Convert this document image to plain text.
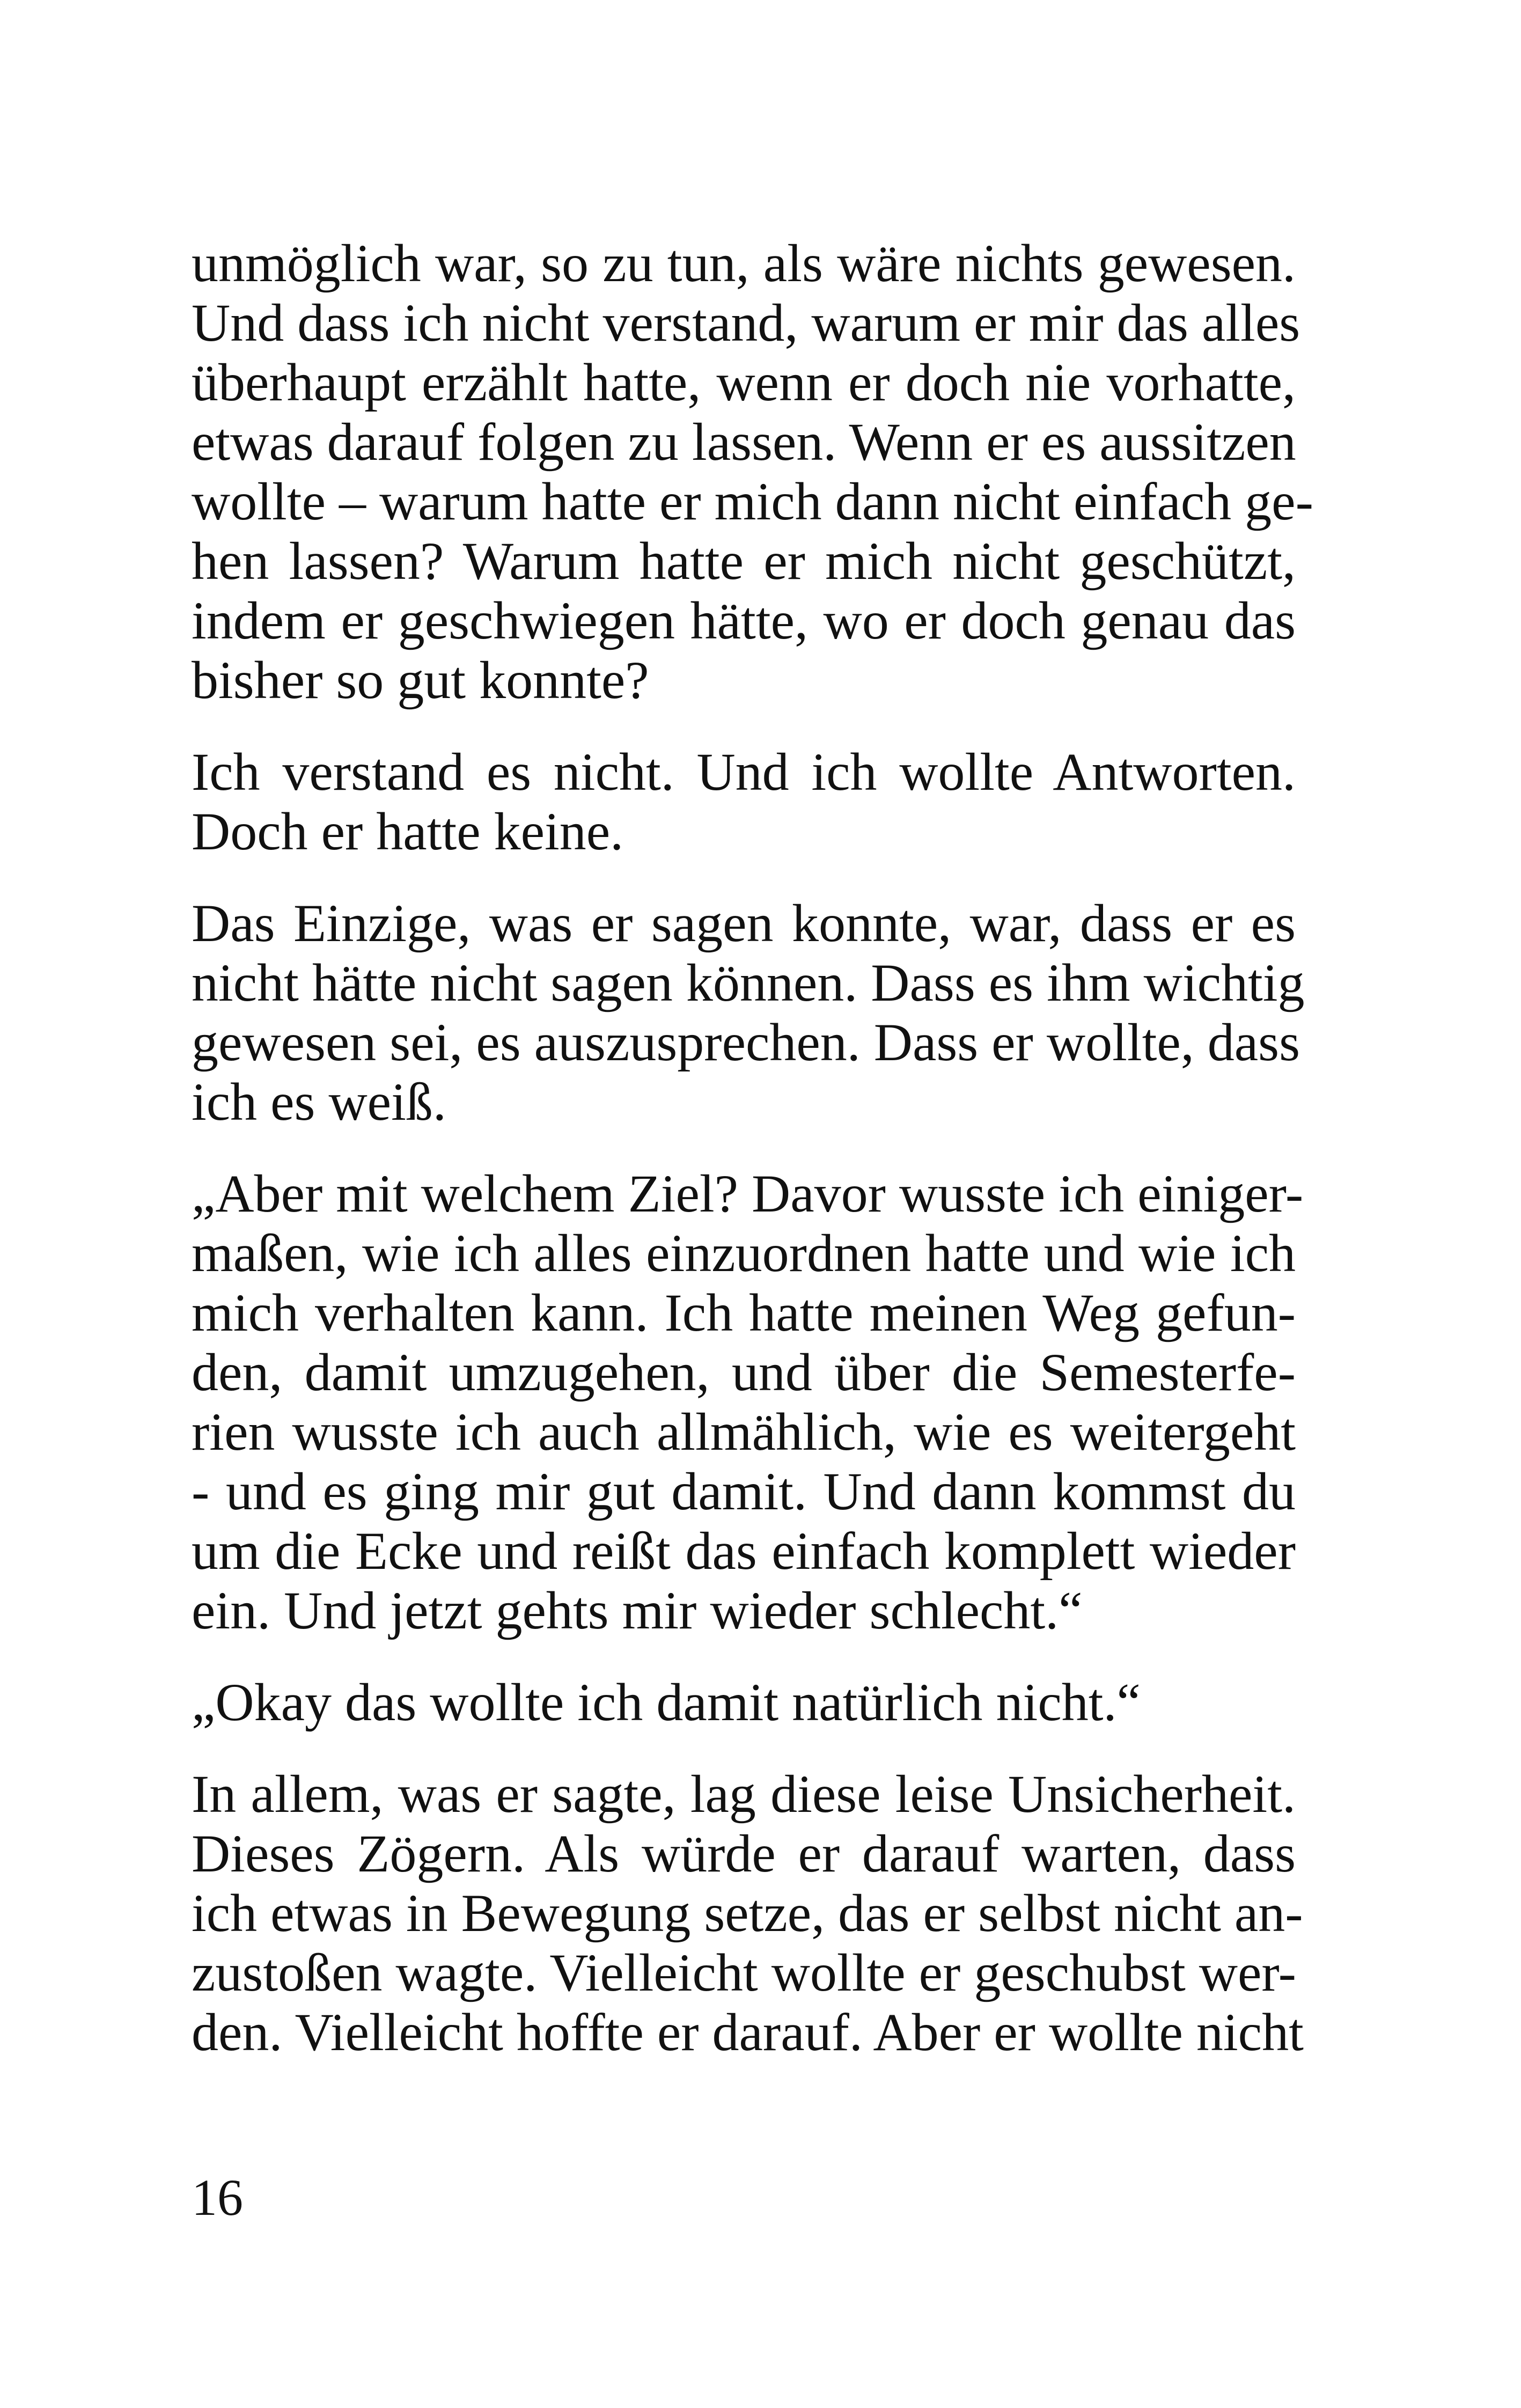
unmöglich war, so zu tun, als wäre nichts gewesen.
Und dass ich nicht verstand, warum er mir das alles
überhaupt erzählt hatte, wenn er doch nie vorhatte,
etwas darauf folgen zu lassen. Wenn er es aussitzen
wollte – warum hatte er mich dann nicht einfach ge-
hen lassen? Warum hatte er mich nicht geschützt,
indem er geschwiegen hätte, wo er doch genau das
bisher so gut konnte?
Ich verstand es nicht. Und ich wollte Antworten.
Doch er hatte keine.
Das Einzige, was er sagen konnte, war, dass er es
nicht hätte nicht sagen können. Dass es ihm wichtig
gewesen sei, es auszusprechen. Dass er wollte, dass
ich es weiß.
„Aber mit welchem Ziel? Davor wusste ich einiger-
maßen, wie ich alles einzuordnen hatte und wie ich
mich verhalten kann. Ich hatte meinen Weg gefun-
den, damit umzugehen, und über die Semesterfe-
rien wusste ich auch allmählich, wie es weitergeht
- und es ging mir gut damit. Und dann kommst du
um die Ecke und reißt das einfach komplett wieder
ein. Und jetzt gehts mir wieder schlecht.“
„Okay das wollte ich damit natürlich nicht.“
In allem, was er sagte, lag diese leise Unsicherheit.
Dieses Zögern. Als würde er darauf warten, dass
ich etwas in Bewegung setze, das er selbst nicht an-
zustoßen wagte. Vielleicht wollte er geschubst wer-
den. Vielleicht hoffte er darauf. Aber er wollte nicht
16
